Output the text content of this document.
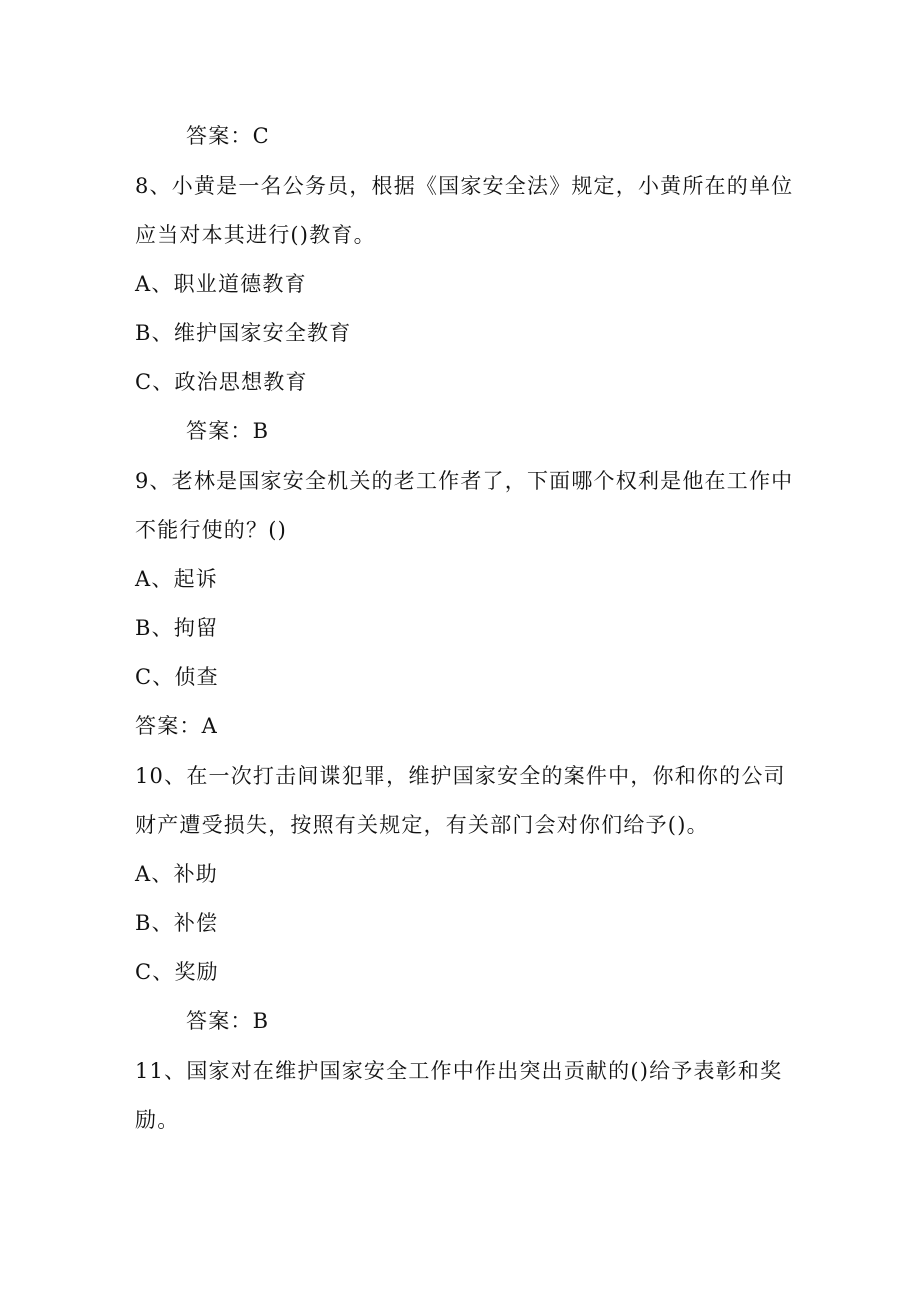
答案：C
8、小黄是一名公务员，根据《国家安全法》规定，小黄所在的单位
应当对本其进行()教育。
A、职业道德教育
B、维护国家安全教育
C、政治思想教育
答案：B
9、老林是国家安全机关的老工作者了，下面哪个权利是他在工作中
不能行使的？()
A、起诉
B、拘留
C、侦查
答案：A
10、在一次打击间谍犯罪，维护国家安全的案件中，你和你的公司
财产遭受损失，按照有关规定，有关部门会对你们给予()。
A、补助
B、补偿
C、奖励
答案：B
11、国家对在维护国家安全工作中作出突出贡献的()给予表彰和奖
励。
